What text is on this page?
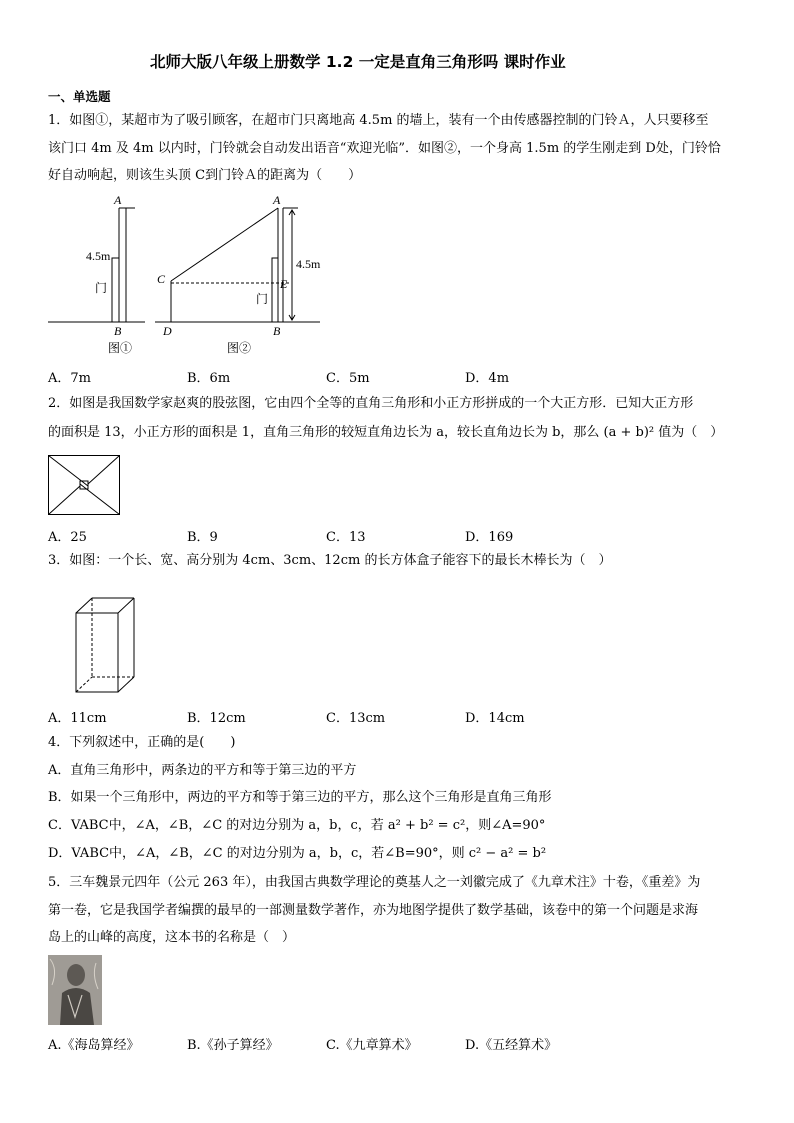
北师大版八年级上册数学 1.2 一定是直角三角形吗 课时作业
一、单选题
1．如图①，某超市为了吸引顾客，在超市门只离地高 4.5m 的墙上，装有一个由传感器控制的门铃Ａ，人只要移至
该门口 4m 及 4m 以内时，门铃就会自动发出语音“欢迎光临”．如图②，一个身高 1.5m 的学生刚走到 D处，门铃恰
好自动响起，则该生头顶 C到门铃Ａ的距离为（　　）
A
4.5m
门
B
图①
A
C	E
4.5m
门
D	B
图②
A．7m	B．6m	C．5m	D．4m
2．如图是我国数学家赵爽的股弦图，它由四个全等的直角三角形和小正方形拼成的一个大正方形．已知大正方形
的面积是 13，小正方形的面积是 1，直角三角形的较短直角边长为 a，较长直角边长为 b，那么 (a + b)² 值为（　）
A．25	B．9	C．13	D．169
3．如图：一个长、宽、高分别为 4cm、3cm、12cm 的长方体盒子能容下的最长木棒长为（　）
A．11cm	B．12cm	C．13cm	D．14cm
4．下列叙述中，正确的是(　　)
A．直角三角形中，两条边的平方和等于第三边的平方
B．如果一个三角形中，两边的平方和等于第三边的平方，那么这个三角形是直角三角形
C．VABC中，∠A，∠B，∠C 的对边分别为 a，b，c，若 a² + b² = c²，则∠A=90°
D．VABC中，∠A，∠B，∠C 的对边分别为 a，b，c，若∠B=90°，则 c² − a² = b²
5．三车魏景元四年（公元 263 年），由我国古典数学理论的奠基人之一刘徽完成了《九章术注》十卷，《重差》为
第一卷，它是我国学者编撰的最早的一部测量数学著作，亦为地图学提供了数学基础，该卷中的第一个问题是求海
岛上的山峰的高度，这本书的名称是（　）
A.《海岛算经》	B.《孙子算经》	C.《九章算术》	D.《五经算术》
